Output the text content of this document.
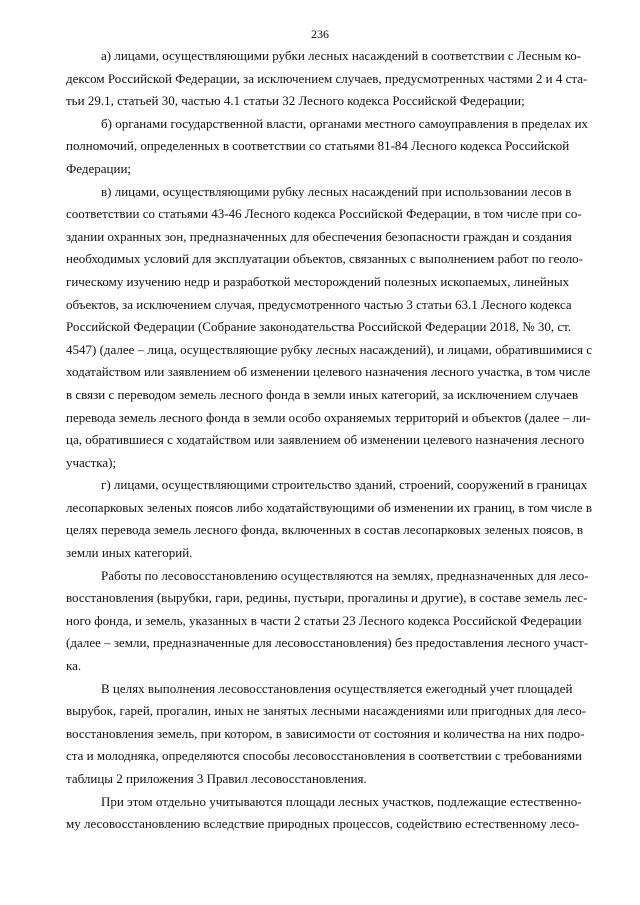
236
а) лицами, осуществляющими рубки лесных насаждений в соответствии с Лесным ко-
дексом Российской Федерации, за исключением случаев, предусмотренных частями 2 и 4 ста-
тьи 29.1, статьей 30, частью 4.1 статьи 32 Лесного кодекса Российской Федерации;
б) органами государственной власти, органами местного самоуправления в пределах их
полномочий, определенных в соответствии со статьями 81-84 Лесного кодекса Российской
Федерации;
в) лицами, осуществляющими рубку лесных насаждений при использовании лесов в
соответствии со статьями 43-46 Лесного кодекса Российской Федерации, в том числе при со-
здании охранных зон, предназначенных для обеспечения безопасности граждан и создания
необходимых условий для эксплуатации объектов, связанных с выполнением работ по геоло-
гическому изучению недр и разработкой месторождений полезных ископаемых, линейных
объектов, за исключением случая, предусмотренного частью 3 статьи 63.1 Лесного кодекса
Российской Федерации (Собрание законодательства Российской Федерации 2018, № 30, ст.
4547) (далее – лица, осуществляющие рубку лесных насаждений), и лицами, обратившимися с
ходатайством или заявлением об изменении целевого назначения лесного участка, в том числе
в связи с переводом земель лесного фонда в земли иных категорий, за исключением случаев
перевода земель лесного фонда в земли особо охраняемых территорий и объектов (далее – ли-
ца, обратившиеся с ходатайством или заявлением об изменении целевого назначения лесного
участка);
г) лицами, осуществляющими строительство зданий, строений, сооружений в границах
лесопарковых зеленых поясов либо ходатайствующими об изменении их границ, в том числе в
целях перевода земель лесного фонда, включенных в состав лесопарковых зеленых поясов, в
земли иных категорий.
Работы по лесовосстановлению осуществляются на землях, предназначенных для лесо-
восстановления (вырубки, гари, редины, пустыри, прогалины и другие), в составе земель лес-
ного фонда, и земель, указанных в части 2 статьи 23 Лесного кодекса Российской Федерации
(далее – земли, предназначенные для лесовосстановления) без предоставления лесного участ-
ка.
В целях выполнения лесовосстановления осуществляется ежегодный учет площадей
вырубок, гарей, прогалин, иных не занятых лесными насаждениями или пригодных для лесо-
восстановления земель, при котором, в зависимости от состояния и количества на них подро-
ста и молодняка, определяются способы лесовосстановления в соответствии с требованиями
таблицы 2 приложения 3 Правил лесовосстановления.
При этом отдельно учитываются площади лесных участков, подлежащие естественно-
му лесовосстановлению вследствие природных процессов, содействию естественному лесо-
